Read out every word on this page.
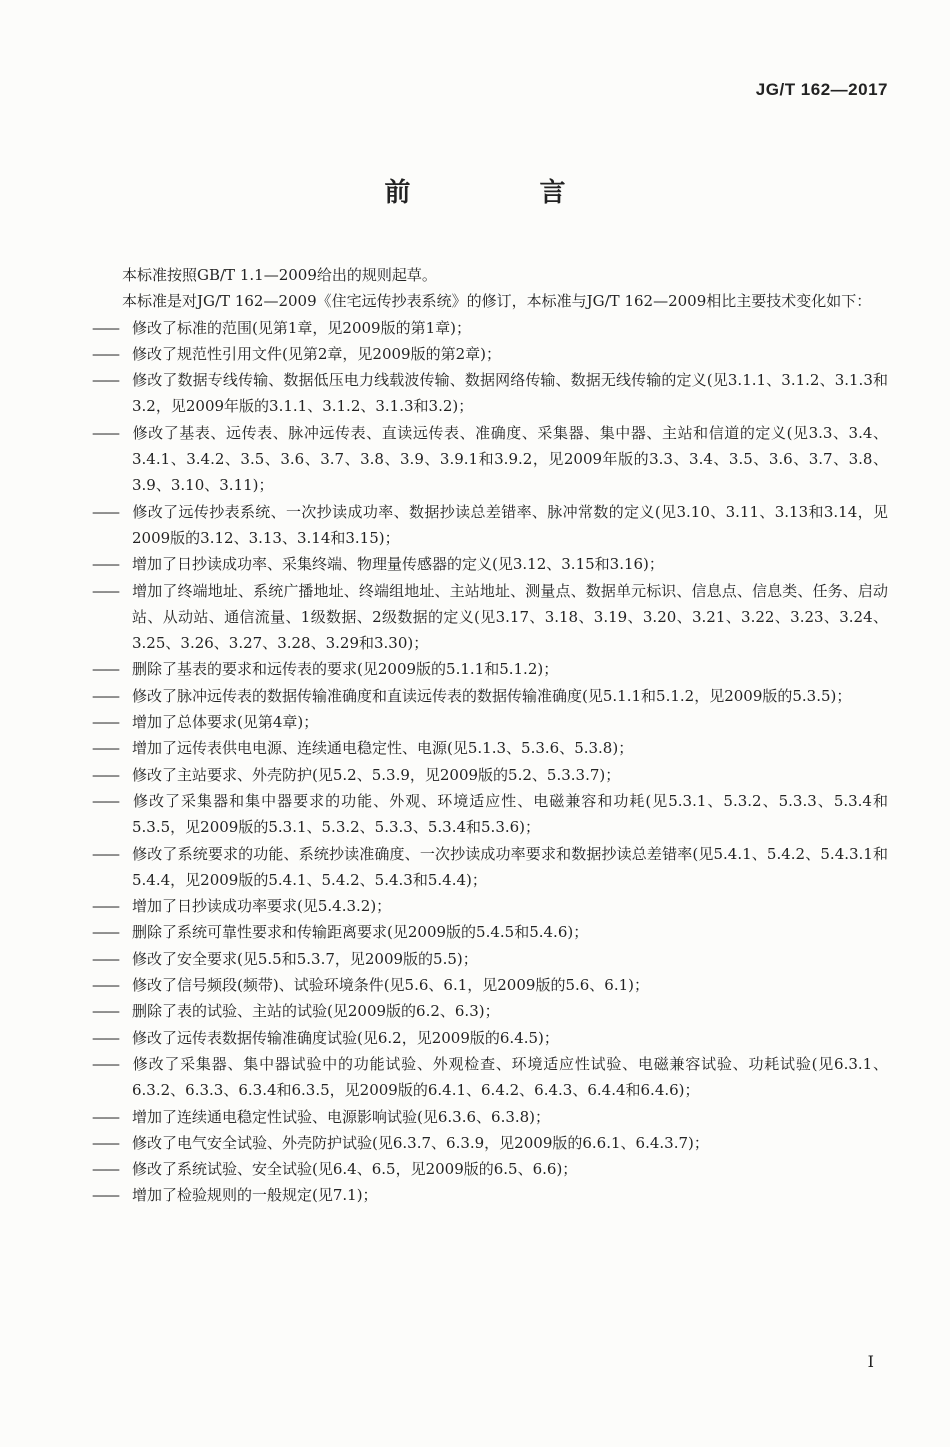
JG/T 162—2017
前 言

本标准按照GB/T 1.1—2009给出的规则起草。

本标准是对JG/T 162—2009《住宅远传抄表系统》的修订，本标准与JG/T 162—2009相比主要技术变化如下：

—— 修改了标准的范围(见第1章，见2009版的第1章)；

—— 修改了规范性引用文件(见第2章，见2009版的第2章)；

—— 修改了数据专线传输、数据低压电力线载波传输、数据网络传输、数据无线传输的定义(见3.1.1、3.1.2、3.1.3和3.2，见2009年版的3.1.1、3.1.2、3.1.3和3.2)；

—— 修改了基表、远传表、脉冲远传表、直读远传表、准确度、采集器、集中器、主站和信道的定义(见3.3、3.4、3.4.1、3.4.2、3.5、3.6、3.7、3.8、3.9、3.9.1和3.9.2，见2009年版的3.3、3.4、3.5、3.6、3.7、3.8、3.9、3.10、3.11)；

—— 修改了远传抄表系统、一次抄读成功率、数据抄读总差错率、脉冲常数的定义(见3.10、3.11、3.13和3.14，见2009版的3.12、3.13、3.14和3.15)；

—— 增加了日抄读成功率、采集终端、物理量传感器的定义(见3.12、3.15和3.16)；

—— 增加了终端地址、系统广播地址、终端组地址、主站地址、测量点、数据单元标识、信息点、信息类、任务、启动站、从动站、通信流量、1级数据、2级数据的定义(见3.17、3.18、3.19、3.20、3.21、3.22、3.23、3.24、3.25、3.26、3.27、3.28、3.29和3.30)；

—— 删除了基表的要求和远传表的要求(见2009版的5.1.1和5.1.2)；

—— 修改了脉冲远传表的数据传输准确度和直读远传表的数据传输准确度(见5.1.1和5.1.2，见2009版的5.3.5)；

—— 增加了总体要求(见第4章)；

—— 增加了远传表供电电源、连续通电稳定性、电源(见5.1.3、5.3.6、5.3.8)；

—— 修改了主站要求、外壳防护(见5.2、5.3.9，见2009版的5.2、5.3.3.7)；

—— 修改了采集器和集中器要求的功能、外观、环境适应性、电磁兼容和功耗(见5.3.1、5.3.2、5.3.3、5.3.4和5.3.5，见2009版的5.3.1、5.3.2、5.3.3、5.3.4和5.3.6)；

—— 修改了系统要求的功能、系统抄读准确度、一次抄读成功率要求和数据抄读总差错率(见5.4.1、5.4.2、5.4.3.1和5.4.4，见2009版的5.4.1、5.4.2、5.4.3和5.4.4)；

—— 增加了日抄读成功率要求(见5.4.3.2)；

—— 删除了系统可靠性要求和传输距离要求(见2009版的5.4.5和5.4.6)；

—— 修改了安全要求(见5.5和5.3.7，见2009版的5.5)；

—— 修改了信号频段(频带)、试验环境条件(见5.6、6.1，见2009版的5.6、6.1)；

—— 删除了表的试验、主站的试验(见2009版的6.2、6.3)；

—— 修改了远传表数据传输准确度试验(见6.2，见2009版的6.4.5)；

—— 修改了采集器、集中器试验中的功能试验、外观检查、环境适应性试验、电磁兼容试验、功耗试验(见6.3.1、6.3.2、6.3.3、6.3.4和6.3.5，见2009版的6.4.1、6.4.2、6.4.3、6.4.4和6.4.6)；

—— 增加了连续通电稳定性试验、电源影响试验(见6.3.6、6.3.8)；

—— 修改了电气安全试验、外壳防护试验(见6.3.7、6.3.9，见2009版的6.6.1、6.4.3.7)；

—— 修改了系统试验、安全试验(见6.4、6.5，见2009版的6.5、6.6)；

—— 增加了检验规则的一般规定(见7.1)；

I
